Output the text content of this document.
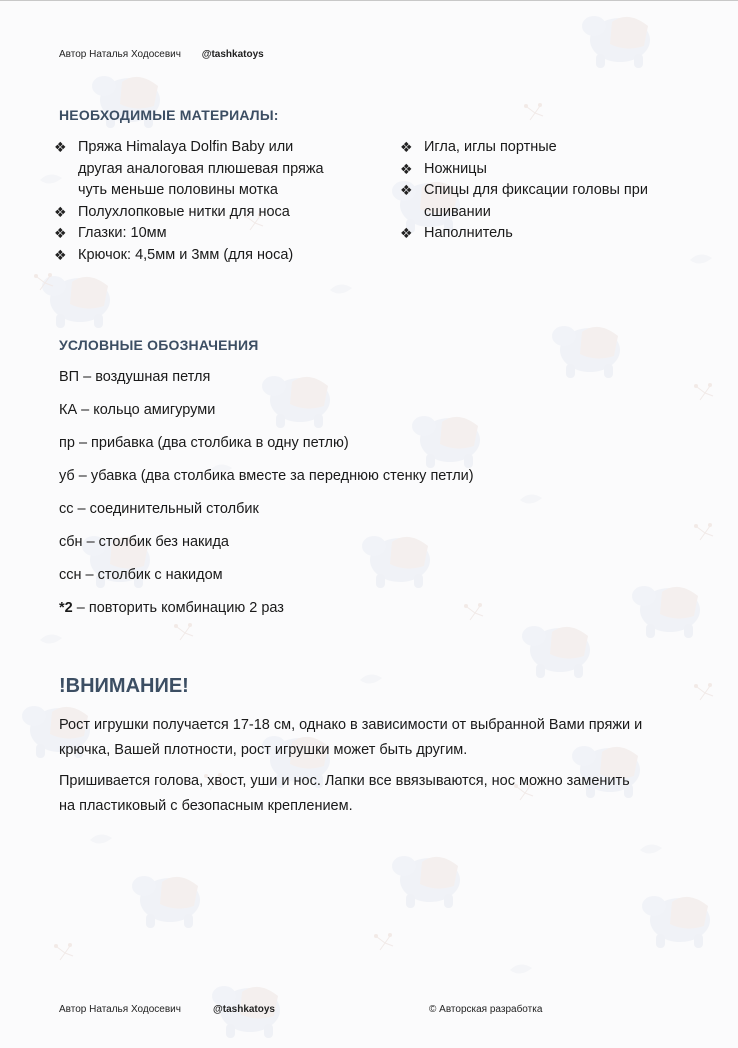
Автор Наталья Ходосевич @tashkatoys
НЕОБХОДИМЫЕ МАТЕРИАЛЫ:
❖ Пряжа Himalaya Dolfin Baby или
другая аналоговая плюшевая пряжа
чуть меньше половины мотка
❖ Полухлопковые нитки для носа
❖ Глазки: 10мм
❖ Крючок: 4,5мм и 3мм (для носа)
❖ Игла, иглы портные
❖ Ножницы
❖ Спицы для фиксации головы при
сшивании
❖ Наполнитель
УСЛОВНЫЕ ОБОЗНАЧЕНИЯ
ВП – воздушная петля
КА – кольцо амигуруми
пр – прибавка (два столбика в одну петлю)
уб – убавка (два столбика вместе за переднюю стенку петли)
сс – соединительный столбик
сбн – столбик без накида
ссн – столбик с накидом
*2 – повторить комбинацию 2 раз
!ВНИМАНИЕ!
Рост игрушки получается 17-18 см, однако в зависимости от выбранной Вами пряжи и
крючка, Вашей плотности, рост игрушки может быть другим.
Пришивается голова, хвост, уши и нос. Лапки все ввязываются, нос можно заменить
на пластиковый с безопасным креплением.
Автор Наталья Ходосевич	@tashkatoys	© Авторская разработка
